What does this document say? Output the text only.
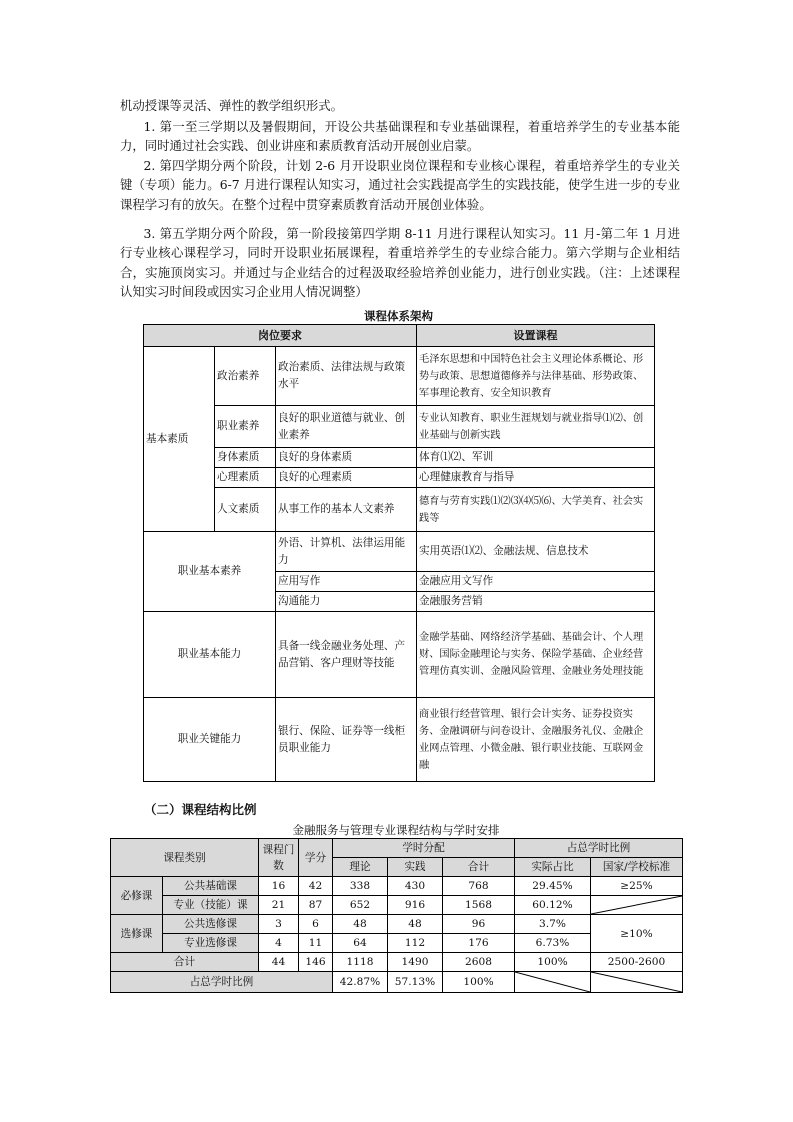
机动授课等灵活、弹性的教学组织形式。

1. 第一至三学期以及暑假期间，开设公共基础课程和专业基础课程，着重培养学生的专业基本能力，同时通过社会实践、创业讲座和素质教育活动开展创业启蒙。

2. 第四学期分两个阶段，计划 2-6 月开设职业岗位课程和专业核心课程，着重培养学生的专业关键（专项）能力。6-7 月进行课程认知实习，通过社会实践提高学生的实践技能，使学生进一步的专业课程学习有的放矢。在整个过程中贯穿素质教育活动开展创业体验。

3. 第五学期分两个阶段，第一阶段接第四学期 8-11 月进行课程认知实习。11 月-第二年 1 月进行专业核心课程学习，同时开设职业拓展课程，着重培养学生的专业综合能力。第六学期与企业相结合，实施顶岗实习。并通过与企业结合的过程汲取经验培养创业能力，进行创业实践。（注：上述课程认知实习时间段或因实习企业用人情况调整）

课程体系架构
岗位要求			设置课程
基本素质	政治素养	政治素质、法律法规与政策水平	毛泽东思想和中国特色社会主义理论体系概论、形势与政策、思想道德修养与法律基础、形势政策、军事理论教育、安全知识教育
	职业素养	良好的职业道德与就业、创业素养	专业认知教育、职业生涯规划与就业指导⑴⑵、创业基础与创新实践
	身体素质	良好的身体素质	体育⑴⑵、军训
	心理素质	良好的心理素质	心理健康教育与指导
	人文素质	从事工作的基本人文素养	德育与劳育实践⑴⑵⑶⑷⑸⑹、大学美育、社会实践等
职业基本素养		外语、计算机、法律运用能力	实用英语⑴⑵、金融法规、信息技术
		应用写作	金融应用文写作
		沟通能力	金融服务营销
职业基本能力		具备一线金融业务处理、产品营销、客户理财等技能	金融学基础、网络经济学基础、基础会计、个人理财、国际金融理论与实务、保险学基础、企业经营管理仿真实训、金融风险管理、金融业务处理技能
职业关键能力		银行、保险、证券等一线柜员职业能力	商业银行经营管理、银行会计实务、证券投资实务、金融调研与问卷设计、金融服务礼仪、金融企业网点管理、小微金融、银行职业技能、互联网金融
（二）课程结构比例
金融服务与管理专业课程结构与学时安排
课程类别		课程门数	学分	学时分配			占总学时比例	
				理论	实践	合计	实际占比	国家/学校标准
必修课	公共基础课	16	42	338	430	768	29.45%	≥25%
	专业（技能）课	21	87	652	916	1568	60.12%	

选修课	公共选修课	3	6	48	48	96	3.7%	≥10%
	专业选修课	4	11	64	112	176	6.73%	
合计		44	146	1118	1490	2608	100%	2500-2600
占总学时比例				42.87%	57.13%	100%	
